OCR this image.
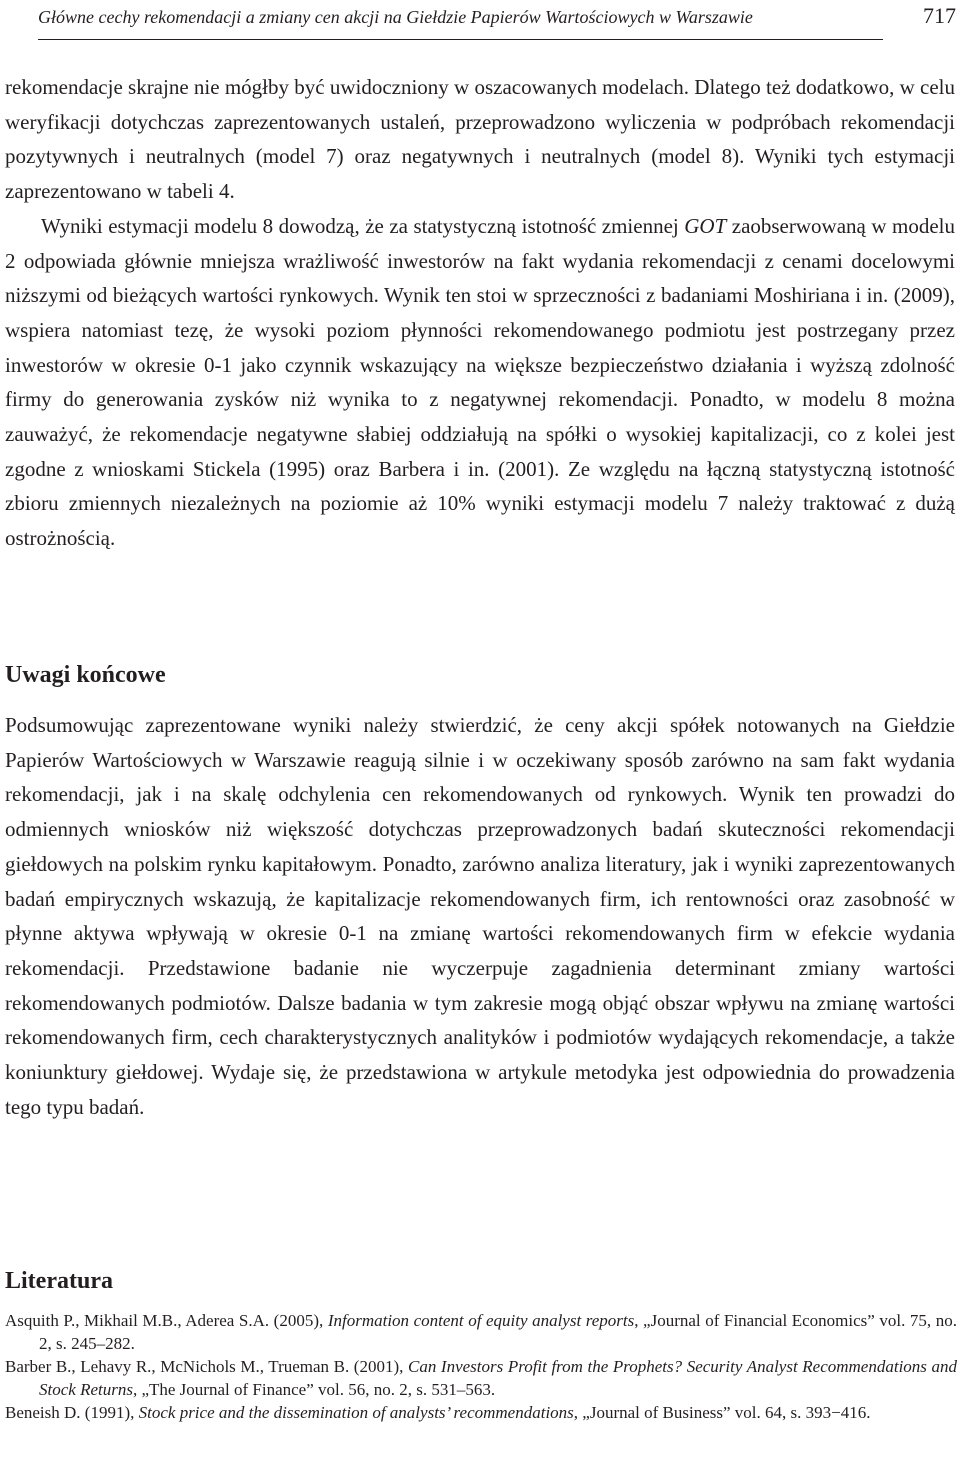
Główne cechy rekomendacji a zmiany cen akcji na Giełdzie Papierów Wartościowych w Warszawie	717

rekomendacje skrajne nie mógłby być uwidoczniony w oszacowanych modelach. Dlatego też dodatkowo, w celu weryfikacji dotychczas zaprezentowanych ustaleń, przeprowadzono wyliczenia w podpróbach rekomendacji pozytywnych i neutralnych (model 7) oraz negatywnych i neutralnych (model 8). Wyniki tych estymacji zaprezentowano w tabeli 4.

Wyniki estymacji modelu 8 dowodzą, że za statystyczną istotność zmiennej GOT zaobserwowaną w modelu 2 odpowiada głównie mniejsza wrażliwość inwestorów na fakt wydania rekomendacji z cenami docelowymi niższymi od bieżących wartości rynkowych. Wynik ten stoi w sprzeczności z badaniami Moshiriana i in. (2009), wspiera natomiast tezę, że wysoki poziom płynności rekomendowanego podmiotu jest postrzegany przez inwestorów w okresie 0-1 jako czynnik wskazujący na większe bezpieczeństwo działania i wyższą zdolność firmy do generowania zysków niż wynika to z negatywnej rekomendacji. Ponadto, w modelu 8 można zauważyć, że rekomendacje negatywne słabiej oddziałują na spółki o wysokiej kapitalizacji, co z kolei jest zgodne z wnioskami Stickela (1995) oraz Barbera i in. (2001). Ze względu na łączną statystyczną istotność zbioru zmiennych niezależnych na poziomie aż 10% wyniki estymacji modelu 7 należy traktować z dużą ostrożnością.

Uwagi końcowe

Podsumowując zaprezentowane wyniki należy stwierdzić, że ceny akcji spółek notowanych na Giełdzie Papierów Wartościowych w Warszawie reagują silnie i w oczekiwany sposób zarówno na sam fakt wydania rekomendacji, jak i na skalę odchylenia cen rekomendowanych od rynkowych. Wynik ten prowadzi do odmiennych wniosków niż większość dotychczas przeprowadzonych badań skuteczności rekomendacji giełdowych na polskim rynku kapitałowym. Ponadto, zarówno analiza literatury, jak i wyniki zaprezentowanych badań empirycznych wskazują, że kapitalizacje rekomendowanych firm, ich rentowności oraz zasobność w płynne aktywa wpływają w okresie 0-1 na zmianę wartości rekomendowanych firm w efekcie wydania rekomendacji. Przedstawione badanie nie wyczerpuje zagadnienia determinant zmiany wartości rekomendowanych podmiotów. Dalsze badania w tym zakresie mogą objąć obszar wpływu na zmianę wartości rekomendowanych firm, cech charakterystycznych analityków i podmiotów wydających rekomendacje, a także koniunktury giełdowej. Wydaje się, że przedstawiona w artykule metodyka jest odpowiednia do prowadzenia tego typu badań.

Literatura

Asquith P., Mikhail M.B., Aderea S.A. (2005), Information content of equity analyst reports, „Journal of Financial Economics” vol. 75, no. 2, s. 245–282.

Barber B., Lehavy R., McNichols M., Trueman B. (2001), Can Investors Profit from the Prophets? Security Analyst Recommendations and Stock Returns, „The Journal of Finance” vol. 56, no. 2, s. 531–563.

Beneish D. (1991), Stock price and the dissemination of analysts’ recommendations, „Journal of Business” vol. 64, s. 393−416.
